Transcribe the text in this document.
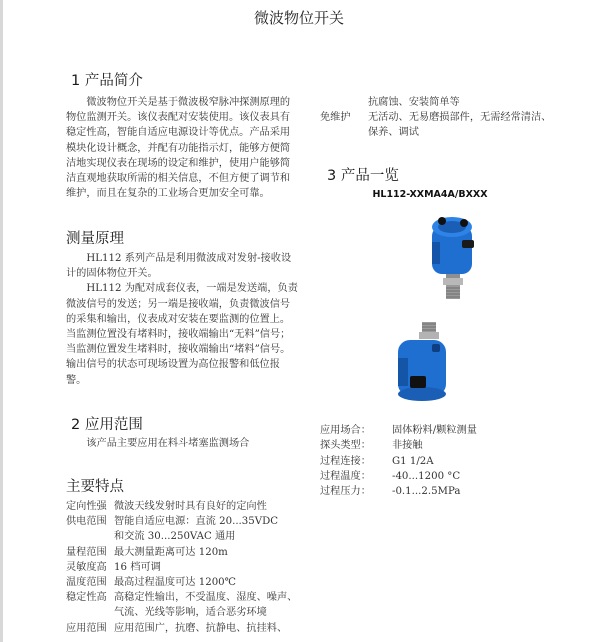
微波物位开关
1 产品简介
　　微波物位开关是基于微波极窄脉冲探测原理的
物位监测开关。该仪表配对安装使用。该仪表具有
稳定性高，智能自适应电源设计等优点。产品采用
模块化设计概念，并配有功能指示灯，能够方便简
洁地实现仪表在现场的设定和维护，使用户能够简
洁直观地获取所需的相关信息，不但方便了调节和
维护，而且在复杂的工业场合更加安全可靠。
测量原理
　　HL112 系列产品是利用微波成对发射-接收设
计的固体物位开关。
　　HL112 为配对成套仪表，一端是发送端，负责
微波信号的发送；另一端是接收端，负责微波信号
的采集和输出，仪表成对安装在要监测的位置上。
当监测位置没有堵料时，接收端输出“无料”信号；
当监测位置发生堵料时，接收端输出“堵料”信号。
输出信号的状态可现场设置为高位报警和低位报
警。
2 应用范围
　　该产品主要应用在料斗堵塞监测场合
主要特点
定向性强 微波天线发射时具有良好的定向性
供电范围 智能自适应电源：直流 20...35VDC
和交流 30...250VAC 通用
量程范围 最大测量距离可达 120m
灵敏度高 16 档可调
温度范围 最高过程温度可达 1200℃
稳定性高 高稳定性输出，不受温度、湿度、噪声、
气流、光线等影响，适合恶劣环境
应用范围 应用范围广，抗磨、抗静电、抗挂料、
抗腐蚀、安装简单等
免维护	无活动、无易磨损部件，无需经常清洁、
保养、调试
3 产品一览
HL112-XXMA4A/BXXX
应用场合：	固体粉料/颗粒测量
探头类型：	非接触
过程连接：	G1 1/2A
过程温度：	-40...1200 °C
过程压力：	-0.1...2.5MPa
